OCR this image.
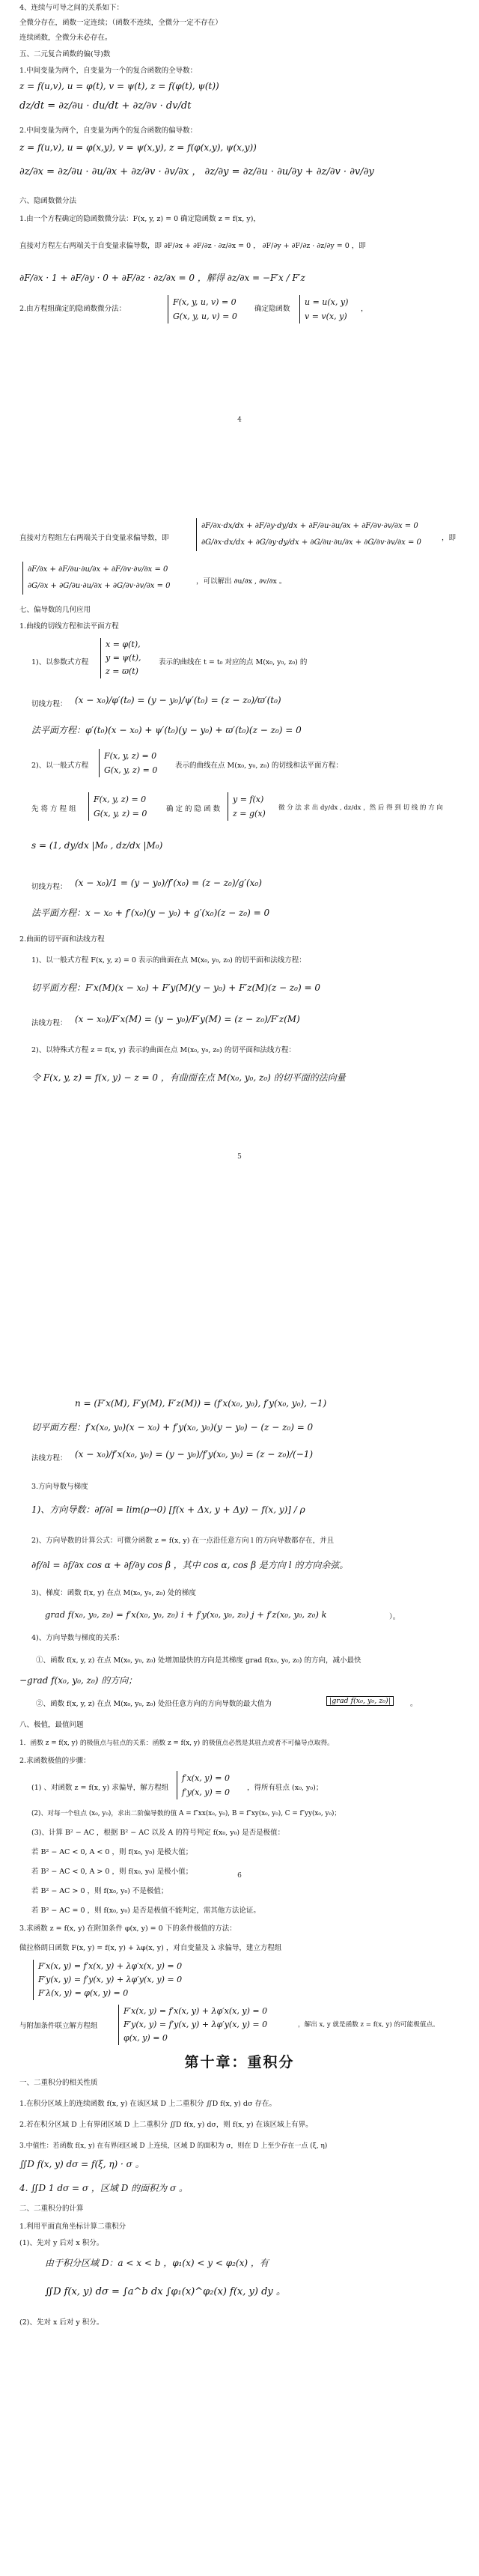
4、连续与可导之间的关系如下：
全微分存在，函数一定连续；（函数不连续，全微分一定不存在）
连续函数，全微分未必存在。
五、二元复合函数的偏(导)数
1.中间变量为两个，自变量为一个的复合函数的全导数：
z = f(u,v), u = φ(t), v = ψ(t), z = f(φ(t), ψ(t))
dz/dt = ∂z/∂u · du/dt + ∂z/∂v · dv/dt
2.中间变量为两个，自变量为两个的复合函数的偏导数：
z = f(u,v), u = φ(x,y), v = ψ(x,y), z = f(φ(x,y), ψ(x,y))
∂z/∂x = ∂z/∂u · ∂u/∂x + ∂z/∂v · ∂v/∂x ， ∂z/∂y = ∂z/∂u · ∂u/∂y + ∂z/∂v · ∂v/∂y
六、隐函数微分法
1.由一个方程确定的隐函数微分法：F(x, y, z) = 0 确定隐函数 z = f(x, y)，
直接对方程左右两端关于自变量求偏导数，即 ∂F/∂x + ∂F/∂z · ∂z/∂x = 0 ， ∂F/∂y + ∂F/∂z · ∂z/∂y = 0 ，即
∂F/∂x · 1 + ∂F/∂y · 0 + ∂F/∂z · ∂z/∂x = 0 ，解得 ∂z/∂x = −F′x / F′z
2.由方程组确定的隐函数微分法：
F(x, y, u, v) = 0
G(x, y, u, v) = 0
确定隐函数
u = u(x, y)
v = v(x, y)
，
4
直接对方程组左右两端关于自变量求偏导数，即
∂F/∂x·dx/dx + ∂F/∂y·dy/dx + ∂F/∂u·∂u/∂x + ∂F/∂v·∂v/∂x = 0
∂G/∂x·dx/dx + ∂G/∂y·dy/dx + ∂G/∂u·∂u/∂x + ∂G/∂v·∂v/∂x = 0
，即
∂F/∂x + ∂F/∂u·∂u/∂x + ∂F/∂v·∂v/∂x = 0
∂G/∂x + ∂G/∂u·∂u/∂x + ∂G/∂v·∂v/∂x = 0
，可以解出 ∂u/∂x , ∂v/∂x 。
七、偏导数的几何应用
1.曲线的切线方程和法平面方程
1)、以参数式方程
x = φ(t),
y = ψ(t),
z = ϖ(t)
表示的曲线在 t = t₀ 对应的点 M(x₀, y₀, z₀) 的
切线方程： (x − x₀)/φ′(t₀) = (y − y₀)/ψ′(t₀) = (z − z₀)/ϖ′(t₀)
法平面方程：φ′(t₀)(x − x₀) + ψ′(t₀)(y − y₀) + ϖ′(t₀)(z − z₀) = 0
2)、以一般式方程
F(x, y, z) = 0
G(x, y, z) = 0 表示的曲线在点 M(x₀, y₀, z₀) 的切线和法平面方程：
先 将 方 程 组
F(x, y, z) = 0
G(x, y, z) = 0	确 定 的 隐 函 数
y = f(x)
z = g(x)
微 分 法 求 出 dy/dx , dz/dx ，然 后 得 到 切 线 的 方 向
s = (1, dy/dx |M₀ , dz/dx |M₀)
切线方程： (x − x₀)/1 = (y − y₀)/f′(x₀) = (z − z₀)/g′(x₀)
法平面方程：x − x₀ + f′(x₀)(y − y₀) + g′(x₀)(z − z₀) = 0
2.曲面的切平面和法线方程
1)、以一般式方程 F(x, y, z) = 0 表示的曲面在点 M(x₀, y₀, z₀) 的切平面和法线方程：
切平面方程：F′x(M)(x − x₀) + F′y(M)(y − y₀) + F′z(M)(z − z₀) = 0
法线方程： (x − x₀)/F′x(M) = (y − y₀)/F′y(M) = (z − z₀)/F′z(M)
2)、以特殊式方程 z = f(x, y) 表示的曲面在点 M(x₀, y₀, z₀) 的切平面和法线方程：
令 F(x, y, z) = f(x, y) − z = 0 ，有曲面在点 M(x₀, y₀, z₀) 的切平面的法向量
5
n = (F′x(M), F′y(M), F′z(M)) = (f′x(x₀, y₀), f′y(x₀, y₀), −1)
切平面方程：f′x(x₀, y₀)(x − x₀) + f′y(x₀, y₀)(y − y₀) − (z − z₀) = 0
法线方程： (x − x₀)/f′x(x₀, y₀) = (y − y₀)/f′y(x₀, y₀) = (z − z₀)/(−1)
3.方向导数与梯度
1)、方向导数：∂f/∂l = lim(ρ→0) [f(x + Δx, y + Δy) − f(x, y)] / ρ
2)、方向导数的计算公式：可微分函数 z = f(x, y) 在一点沿任意方向 l 的方向导数都存在，并且
∂f/∂l = ∂f/∂x cos α + ∂f/∂y cos β ，其中 cos α, cos β 是方向 l 的方向余弦。
3)、梯度：函数 f(x, y) 在点 M(x₀, y₀, z₀) 处的梯度
grad f(x₀, y₀, z₀) = f′x(x₀, y₀, z₀) i + f′y(x₀, y₀, z₀) j + f′z(x₀, y₀, z₀) k	）。
4)、方向导数与梯度的关系：
①、函数 f(x, y, z) 在点 M(x₀, y₀, z₀) 处增加最快的方向是其梯度 grad f(x₀, y₀, z₀) 的方向，减小最快
−grad f(x₀, y₀, z₀) 的方向；
②、函数 f(x, y, z) 在点 M(x₀, y₀, z₀) 处沿任意方向的方向导数的最大值为	|grad f(x₀, y₀, z₀)|	。
八、极值，最值问题
1．函数 z = f(x, y) 的极值点与驻点的关系：函数 z = f(x, y) 的极值点必然是其驻点或者不可偏导点取得。
2.求函数极值的步骤：
(1) 、对函数 z = f(x, y) 求偏导，解方程组
f′x(x, y) = 0
f′y(x, y) = 0 ，得所有驻点 (x₀, y₀)；
(2)、对每一个驻点 (x₀, y₀)，求出二阶偏导数的值 A = f″xx(x₀, y₀), B = f″xy(x₀, y₀), C = f″yy(x₀, y₀)；
(3)、计算 B² − AC ，根据 B² − AC 以及 A 的符号判定 f(x₀, y₀) 是否是极值：
若 B² − AC < 0, A < 0 ，则 f(x₀, y₀) 是极大值；
若 B² − AC < 0, A > 0 ，则 f(x₀, y₀) 是极小值；
若 B² − AC > 0 ，则 f(x₀, y₀) 不是极值；
若 B² − AC = 0 ，则 f(x₀, y₀) 是否是极值不能判定，需其他方法论证。
6
3.求函数 z = f(x, y) 在附加条件 φ(x, y) = 0 下的条件极值的方法：
做拉格朗日函数 F(x, y) = f(x, y) + λφ(x, y) ，对自变量及 λ 求偏导，建立方程组
F′x(x, y) = f′x(x, y) + λφ′x(x, y) = 0
F′y(x, y) = f′y(x, y) + λφ′y(x, y) = 0
F′λ(x, y) = φ(x, y) = 0
与附加条件联立解方程组
F′x(x, y) = f′x(x, y) + λφ′x(x, y) = 0
F′y(x, y) = f′y(x, y) + λφ′y(x, y) = 0
φ(x, y) = 0
，解出 x, y 就是函数 z = f(x, y) 的可能极值点。
第十章：重积分
一、二重积分的相关性质
1.在积分区域上的连续函数 f(x, y) 在该区域 D 上二重积分 ∬D f(x, y) dσ 存在。
2.若在积分区域 D 上有界闭区域 D 上二重积分 ∬D f(x, y) dσ，则 f(x, y) 在该区域上有界。
3.中值性：若函数 f(x, y) 在有界闭区域 D 上连续，区域 D 的面积为 σ，则在 D 上至少存在一点 (ξ, η)
∬D f(x, y) dσ = f(ξ, η) · σ 。
4. ∬D 1 dσ = σ ，区域 D 的面积为 σ 。
二、二重积分的计算
1.利用平面直角坐标计算二重积分
(1)、先对 y 后对 x 积分。
由于积分区域 D：a < x < b ，φ₁(x) < y < φ₂(x) ，有
∬D f(x, y) dσ = ∫a^b dx ∫φ₁(x)^φ₂(x) f(x, y) dy 。
(2)、先对 x 后对 y 积分。
